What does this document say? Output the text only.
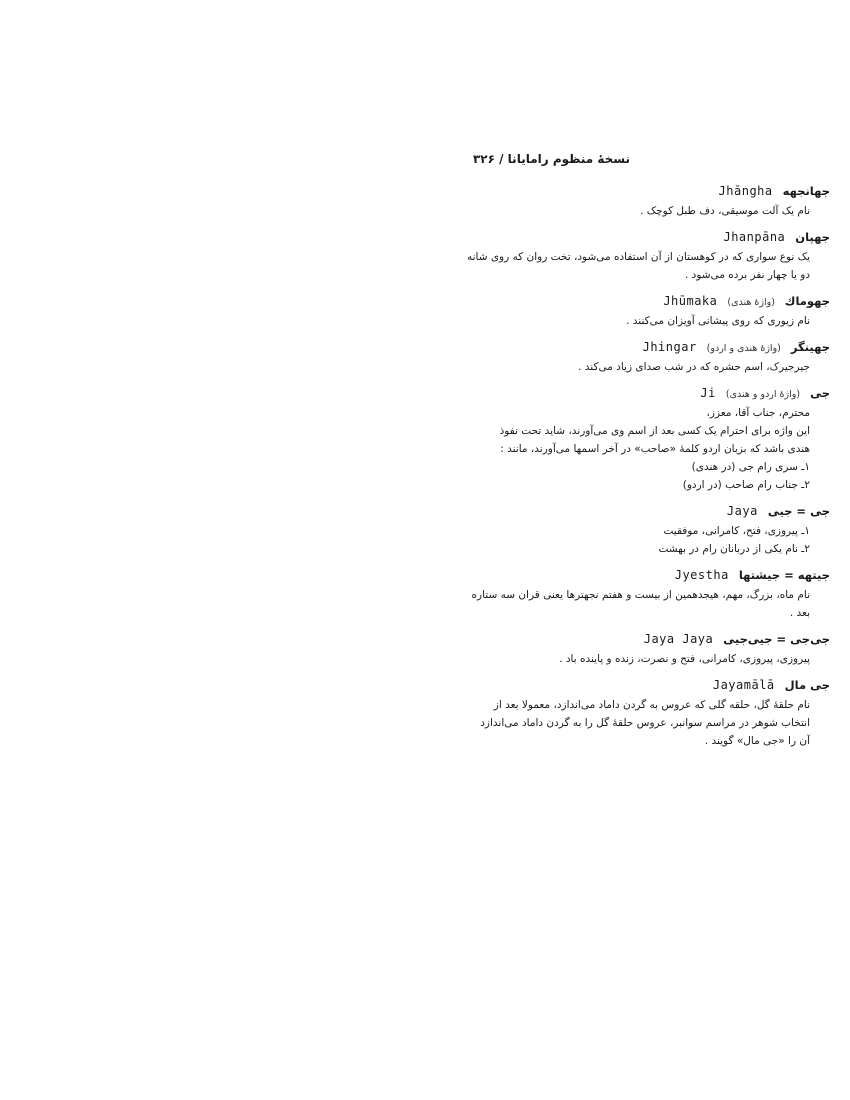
نسخهٔ منظوم رامایانا / ۳۲۶
جهانجهه
Jhāngha

نام یک آلت موسیقی، دف طبل کوچک .

جهپان
Jhanpāna

یک نوع سواری که در کوهستان از آن استفاده می‌شود، تخت روان که روی شانه

دو یا چهار نفر برده می‌شود .

جهوماك
(واژهٔ هندی)
Jhūmaka

نام زیوری که روی پیشانی آویزان می‌کنند .

جهینگر
(واژهٔ هندی و اردو)
Jhingar

جیرجیرک، اسم حشره که در شب صدای زیاد می‌کند .

جی
(واژهٔ اردو و هندی)
Ji

محترم، جناب آقا، معزز،

این واژه برای احترام یک کسی بعد از اسم وی می‌آورند، شاید تحت نفوذ

هندی باشد که بزبان اردو کلمهٔ «صاحب» در آخر اسمها می‌آورند، مانند :

۱ـ سری رام جی (در هندی)

۲ـ جناب رام صاحب (در اردو)

جی = جیی
Jaya

۱ـ پیروزی، فتح، کامرانی، موفقیت

۲ـ نام یکی از دربانان رام در بهشت

جیتهه = جیشتها
Jyestha

نام ماه، بزرگ، مهم، هیجدهمین از بیست و هفتم نجهترها یعنی قران سه ستاره

بعد .

جی‌جی = جیی‌جیی
Jaya Jaya

پیروزی، پیروزی، کامرانی، فتح و نصرت، زنده و پاینده باد .

جی مال
Jayamālā

نام حلقهٔ گل، حلقه گلی که عروس به گردن داماد می‌اندازد، معمولا بعد از

انتخاب شوهر در مراسم سوانبر، عروس حلقهٔ گل را به گردن داماد می‌اندازد

آن را «جی مال» گویند .
